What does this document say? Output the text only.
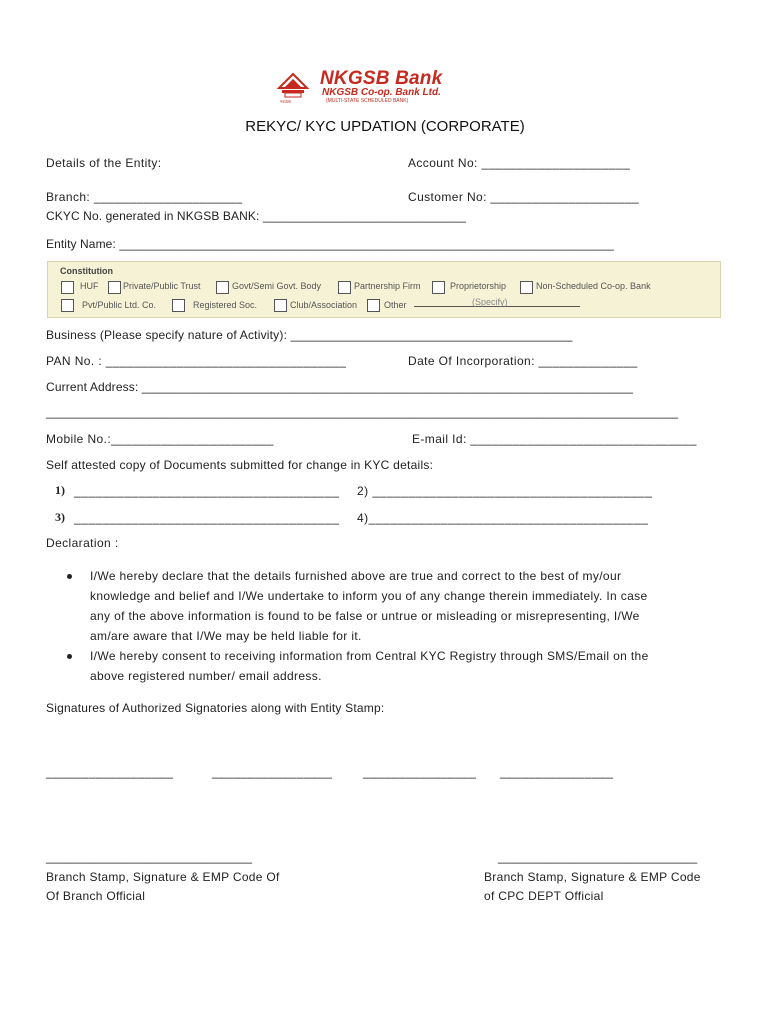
नवकारा
NKGSB Bank
NKGSB Co-op. Bank Ltd.
(MULTI-STATE SCHEDULED BANK)
REKYC/ KYC UPDATION (CORPORATE)
Details of the Entity:	Account No: _____________________
Branch: _____________________	Customer No: _____________________
CKYC No. generated in NKGSB BANK: ______________________________
Entity Name: _________________________________________________________________________
Constitution
HUF	Private/Public Trust	Govt/Semi Govt. Body	Partnership Firm	Proprietorship	Non-Scheduled Co-op. Bank
Pvt/Public Ltd. Co.	Registered Soc.	Club/Association	Other	(Specify)
Business (Please specify nature of Activity): _________________________________________
PAN No. : __________________________________	Date Of Incorporation: ______________
Current Address: ________________________________________________________________________
______________________________________________________________________________________________
Mobile No.:_______________________	E-mail Id: ________________________________
Self attested copy of Documents submitted for change in KYC details:
1) _____________________________________ 2) _______________________________________
3) _____________________________________ 4)_______________________________________
Declaration :
I/We hereby declare that the details furnished above are true and correct to the best of my/our
knowledge and belief and I/We undertake to inform you of any change therein immediately. In case
any of the above information is found to be false or untrue or misleading or misrepresenting, I/We
am/are aware that I/We may be held liable for it.
I/We hereby consent to receiving information from Central KYC Registry through SMS/Email on the
above registered number/ email address.
Signatures of Authorized Signatories along with Entity Stamp:
__________________	_________________	________________ ________________
______________________________	_____________________________
Branch Stamp, Signature & EMP Code Of
Of Branch Official
Branch Stamp, Signature & EMP Code
of CPC DEPT Official
